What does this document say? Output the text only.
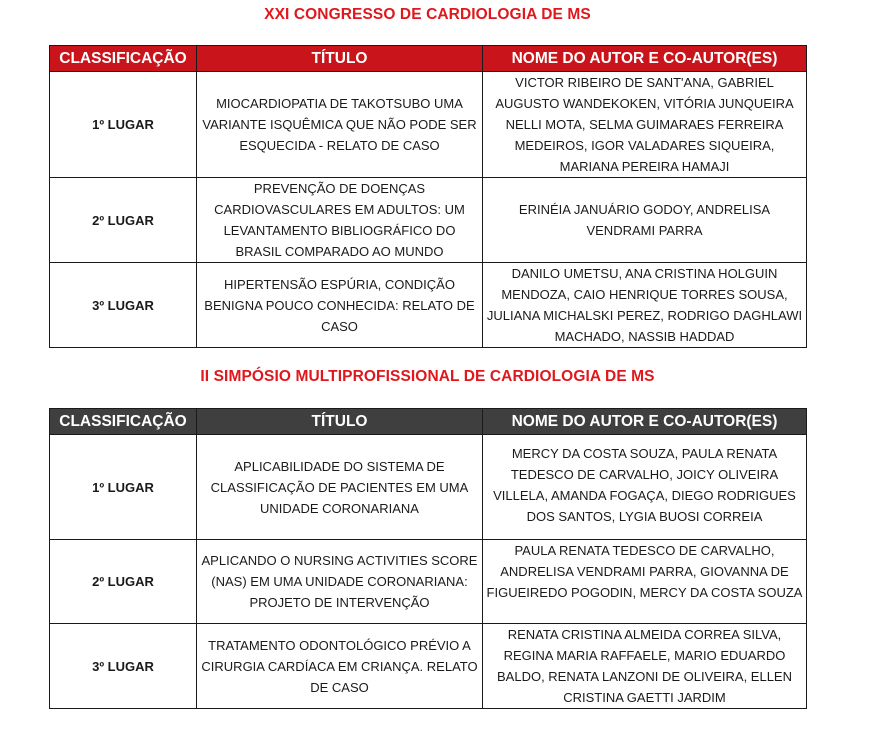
XXI CONGRESSO DE CARDIOLOGIA DE MS
CLASSIFICAÇÃO	TÍTULO	NOME DO AUTOR E CO-AUTOR(ES)
1º LUGAR	MIOCARDIOPATIA DE TAKOTSUBO UMA VARIANTE ISQUÊMICA QUE NÃO PODE SER ESQUECIDA - RELATO DE CASO	VICTOR RIBEIRO DE SANT'ANA, GABRIEL AUGUSTO WANDEKOKEN, VITÓRIA JUNQUEIRA NELLI MOTA, SELMA GUIMARAES FERREIRA MEDEIROS, IGOR VALADARES SIQUEIRA, MARIANA PEREIRA HAMAJI
2º LUGAR	PREVENÇÃO DE DOENÇAS CARDIOVASCULARES EM ADULTOS: UM LEVANTAMENTO BIBLIOGRÁFICO DO BRASIL COMPARADO AO MUNDO	ERINÉIA JANUÁRIO GODOY, ANDRELISA VENDRAMI PARRA
3º LUGAR	HIPERTENSÃO ESPÚRIA, CONDIÇÃO BENIGNA POUCO CONHECIDA: RELATO DE CASO	DANILO UMETSU, ANA CRISTINA HOLGUIN MENDOZA, CAIO HENRIQUE TORRES SOUSA, JULIANA MICHALSKI PEREZ, RODRIGO DAGHLAWI MACHADO, NASSIB HADDAD
II SIMPÓSIO MULTIPROFISSIONAL DE CARDIOLOGIA DE MS
CLASSIFICAÇÃO	TÍTULO	NOME DO AUTOR E CO-AUTOR(ES)
1º LUGAR	APLICABILIDADE DO SISTEMA DE CLASSIFICAÇÃO DE PACIENTES EM UMA UNIDADE CORONARIANA	MERCY DA COSTA SOUZA, PAULA RENATA TEDESCO DE CARVALHO, JOICY OLIVEIRA VILLELA, AMANDA FOGAÇA, DIEGO RODRIGUES DOS SANTOS, LYGIA BUOSI CORREIA
2º LUGAR	APLICANDO O NURSING ACTIVITIES SCORE (NAS) EM UMA UNIDADE CORONARIANA: PROJETO DE INTERVENÇÃO	PAULA RENATA TEDESCO DE CARVALHO, ANDRELISA VENDRAMI PARRA, GIOVANNA DE FIGUEIREDO POGODIN, MERCY DA COSTA SOUZA
3º LUGAR	TRATAMENTO ODONTOLÓGICO PRÉVIO A CIRURGIA CARDÍACA EM CRIANÇA. RELATO DE CASO	RENATA CRISTINA ALMEIDA CORREA SILVA, REGINA MARIA RAFFAELE, MARIO EDUARDO BALDO, RENATA LANZONI DE OLIVEIRA, ELLEN CRISTINA GAETTI JARDIM
